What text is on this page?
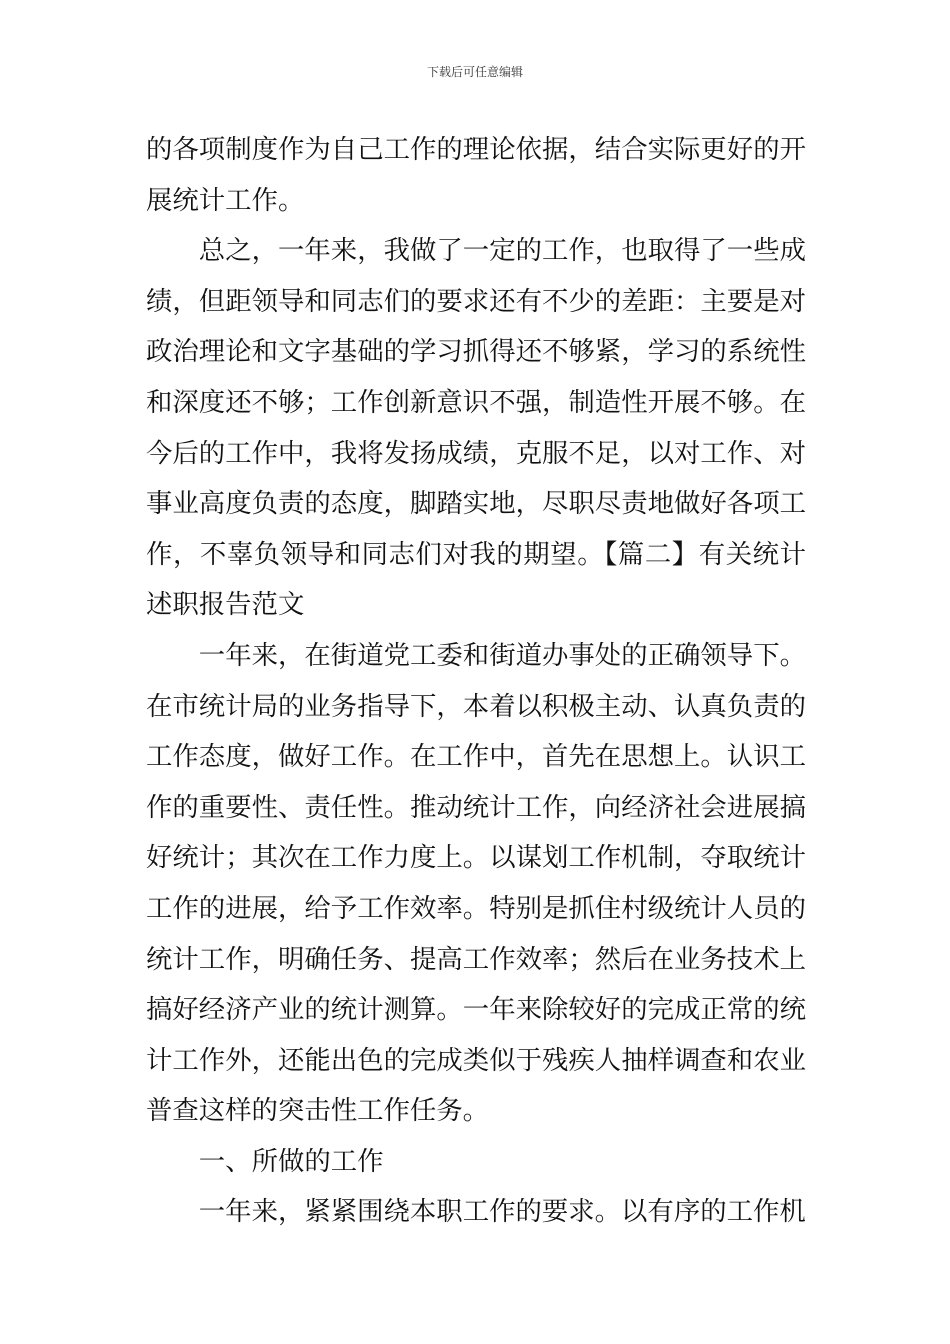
下载后可任意编辑

的各项制度作为自己工作的理论依据，结合实际更好的开展统计工作。

总之，一年来，我做了一定的工作，也取得了一些成绩，但距领导和同志们的要求还有不少的差距：主要是对政治理论和文字基础的学习抓得还不够紧，学习的系统性和深度还不够；工作创新意识不强，制造性开展不够。在今后的工作中，我将发扬成绩，克服不足，以对工作、对事业高度负责的态度，脚踏实地，尽职尽责地做好各项工作，不辜负领导和同志们对我的期望。【篇二】有关统计述职报告范文

一年来，在街道党工委和街道办事处的正确领导下。在市统计局的业务指导下，本着以积极主动、认真负责的工作态度，做好工作。在工作中，首先在思想上。认识工作的重要性、责任性。推动统计工作，向经济社会进展搞好统计；其次在工作力度上。以谋划工作机制，夺取统计工作的进展，给予工作效率。特别是抓住村级统计人员的统计工作，明确任务、提高工作效率；然后在业务技术上搞好经济产业的统计测算。一年来除较好的完成正常的统计工作外，还能出色的完成类似于残疾人抽样调查和农业普查这样的突击性工作任务。

一、所做的工作

一年来，紧紧围绕本职工作的要求。以有序的工作机
